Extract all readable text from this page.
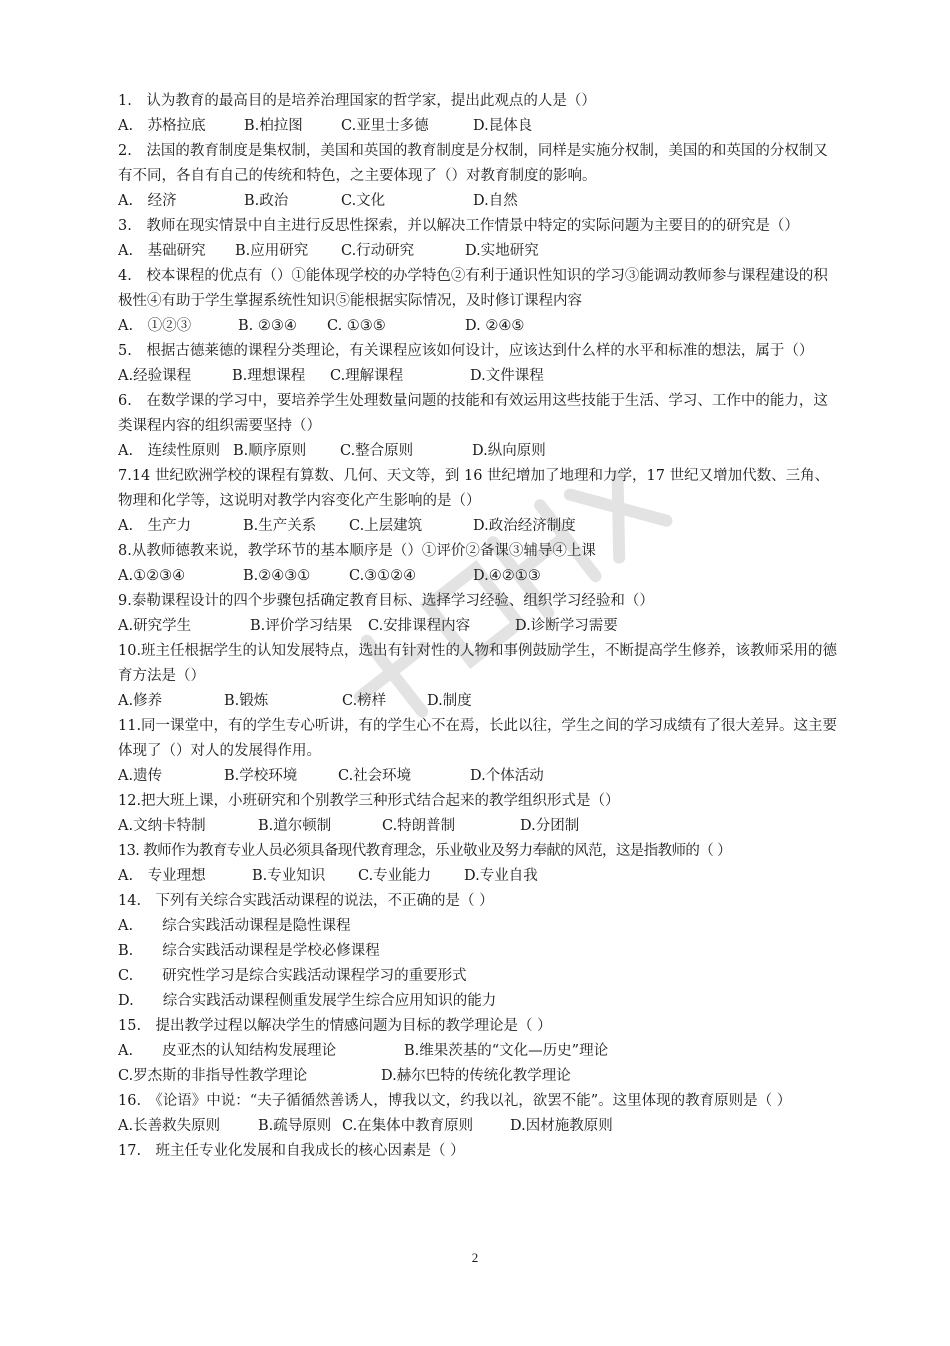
1.　认为教育的最高目的是培养治理国家的哲学家，提出此观点的人是（）
A.　苏格拉底	B.柏拉图	C.亚里士多德	D.昆体良
2.　法国的教育制度是集权制，美国和英国的教育制度是分权制，同样是实施分权制，美国的和英国的分权制又有不同，各自有自己的传统和特色，之主要体现了（）对教育制度的影响。
A.　经济	B.政治	C.文化	D.自然
3.　教师在现实情景中自主进行反思性探索，并以解决工作情景中特定的实际问题为主要目的的研究是（）
A.　基础研究	B.应用研究	C.行动研究	D.实地研究
4.　校本课程的优点有（）①能体现学校的办学特色②有利于通识性知识的学习③能调动教师参与课程建设的积极性④有助于学生掌握系统性知识⑤能根据实际情况，及时修订课程内容
A.　①②③	B. ②③④	C. ①③⑤	D. ②④⑤
5.　根据古德莱德的课程分类理论，有关课程应该如何设计，应该达到什么样的水平和标准的想法，属于（）
A.经验课程	B.理想课程	C.理解课程	D.文件课程
6.　在数学课的学习中，要培养学生处理数量问题的技能和有效运用这些技能于生活、学习、工作中的能力，这类课程内容的组织需要坚持（）
A.　连续性原则 B.顺序原则	C.整合原则	D.纵向原则
7.14 世纪欧洲学校的课程有算数、几何、天文等，到 16 世纪增加了地理和力学，17 世纪又增加代数、三角、物理和化学等，这说明对教学内容变化产生影响的是（）
A.　生产力	B.生产关系	C.上层建筑	D.政治经济制度
8.从教师德教来说，教学环节的基本顺序是（）①评价②备课③辅导④上课
A.①②③④	B.②④③①	C.③①②④	D.④②①③
9.泰勒课程设计的四个步骤包括确定教育目标、选择学习经验、组织学习经验和（）
A.研究学生	B.评价学习结果	C.安排课程内容	D.诊断学习需要
10.班主任根据学生的认知发展特点，选出有针对性的人物和事例鼓励学生，不断提高学生修养，该教师采用的德育方法是（）
A.修养	B.锻炼	C.榜样	D.制度
11.同一课堂中，有的学生专心听讲，有的学生心不在焉，长此以往，学生之间的学习成绩有了很大差异。这主要体现了（）对人的发展得作用。
A.遗传	B.学校环境	C.社会环境	D.个体活动
12.把大班上课，小班研究和个别教学三种形式结合起来的教学组织形式是（）
A.文纳卡特制	B.道尔顿制	C.特朗普制	D.分团制
13. 教师作为教育专业人员必须具备现代教育理念，乐业敬业及努力奉献的风范，这是指教师的（ ）
A.　专业理想	B.专业知识	C.专业能力	D.专业自我
14.　下列有关综合实践活动课程的说法，不正确的是（ ）
A.　　综合实践活动课程是隐性课程
B.　　综合实践活动课程是学校必修课程
C.　　研究性学习是综合实践活动课程学习的重要形式
D.　　综合实践活动课程侧重发展学生综合应用知识的能力
15.　提出教学过程以解决学生的情感问题为目标的教学理论是（ ）
A.　　皮亚杰的认知结构发展理论	B.维果茨基的“文化—历史”理论
C.罗杰斯的非指导性教学理论	D.赫尔巴特的传统化教学理论
16.　《论语》中说：“夫子循循然善诱人，博我以文，约我以礼，欲罢不能”。这里体现的教育原则是（ ）
A.长善救失原则	B.疏导原则 C.在集体中教育原则	D.因材施教原则
17.　班主任专业化发展和自我成长的核心因素是（ ）
2
